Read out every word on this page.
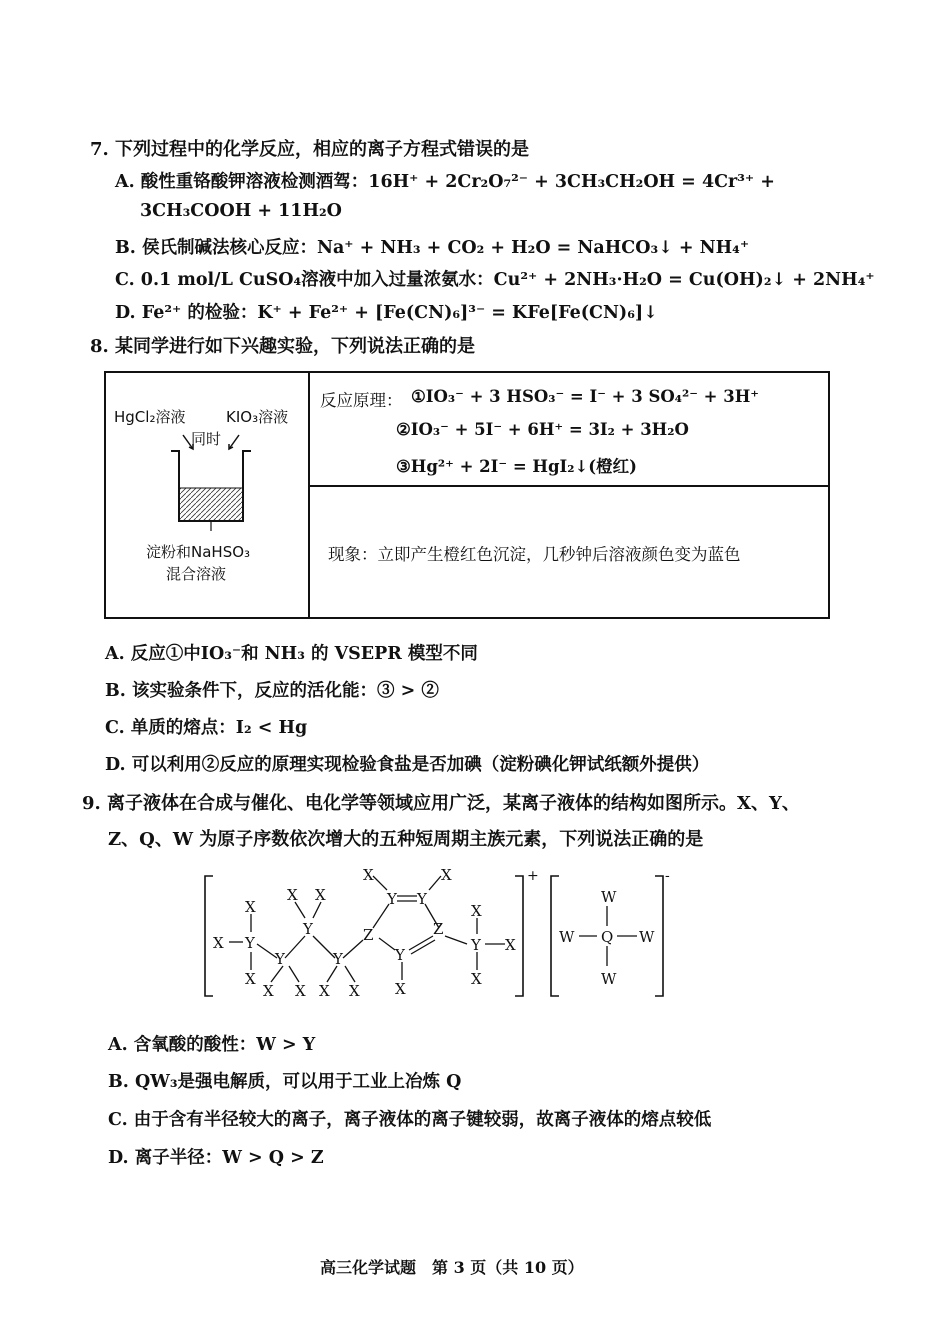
7. 下列过程中的化学反应，相应的离子方程式错误的是
A. 酸性重铬酸钾溶液检测酒驾：16H⁺ + 2Cr₂O₇²⁻ + 3CH₃CH₂OH = 4Cr³⁺ +
3CH₃COOH + 11H₂O
B. 侯氏制碱法核心反应：Na⁺ + NH₃ + CO₂ + H₂O = NaHCO₃↓ + NH₄⁺
C. 0.1 mol/L CuSO₄溶液中加入过量浓氨水：Cu²⁺ + 2NH₃·H₂O = Cu(OH)₂↓ + 2NH₄⁺
D. Fe²⁺ 的检验：K⁺ + Fe²⁺ + [Fe(CN)₆]³⁻ = KFe[Fe(CN)₆]↓
8. 某同学进行如下兴趣实验，下列说法正确的是
HgCl₂溶液	KIO₃溶液
同时
淀粉和NaHSO₃
混合溶液
反应原理： ①IO₃⁻ + 3 HSO₃⁻ = I⁻ + 3 SO₄²⁻ + 3H⁺
②IO₃⁻ + 5I⁻ + 6H⁺ = 3I₂ + 3H₂O
③Hg²⁺ + 2I⁻ = HgI₂↓(橙红)
现象：立即产生橙红色沉淀，几秒钟后溶液颜色变为蓝色
A. 反应①中IO₃⁻和 NH₃ 的 VSEPR 模型不同
B. 该实验条件下，反应的活化能：③ > ②
C. 单质的熔点：I₂ < Hg
D. 可以利用②反应的原理实现检验食盐是否加碘（淀粉碘化钾试纸额外提供）
9. 离子液体在合成与催化、电化学等领域应用广泛，某离子液体的结构如图所示。X、Y、
Z、Q、W 为原子序数依次增大的五种短周期主族元素，下列说法正确的是
+	-
X Y
X
X
Y
X X
Y
X X
Y
X X
Z
Y Y
X	X
Y
X
Z
Y
X
X
X
W
Q
W
W	W
A. 含氧酸的酸性：W > Y
B. QW₃是强电解质，可以用于工业上冶炼 Q
C. 由于含有半径较大的离子，离子液体的离子键较弱，故离子液体的熔点较低
D. 离子半径：W > Q > Z
高三化学试题　第 3 页（共 10 页）
